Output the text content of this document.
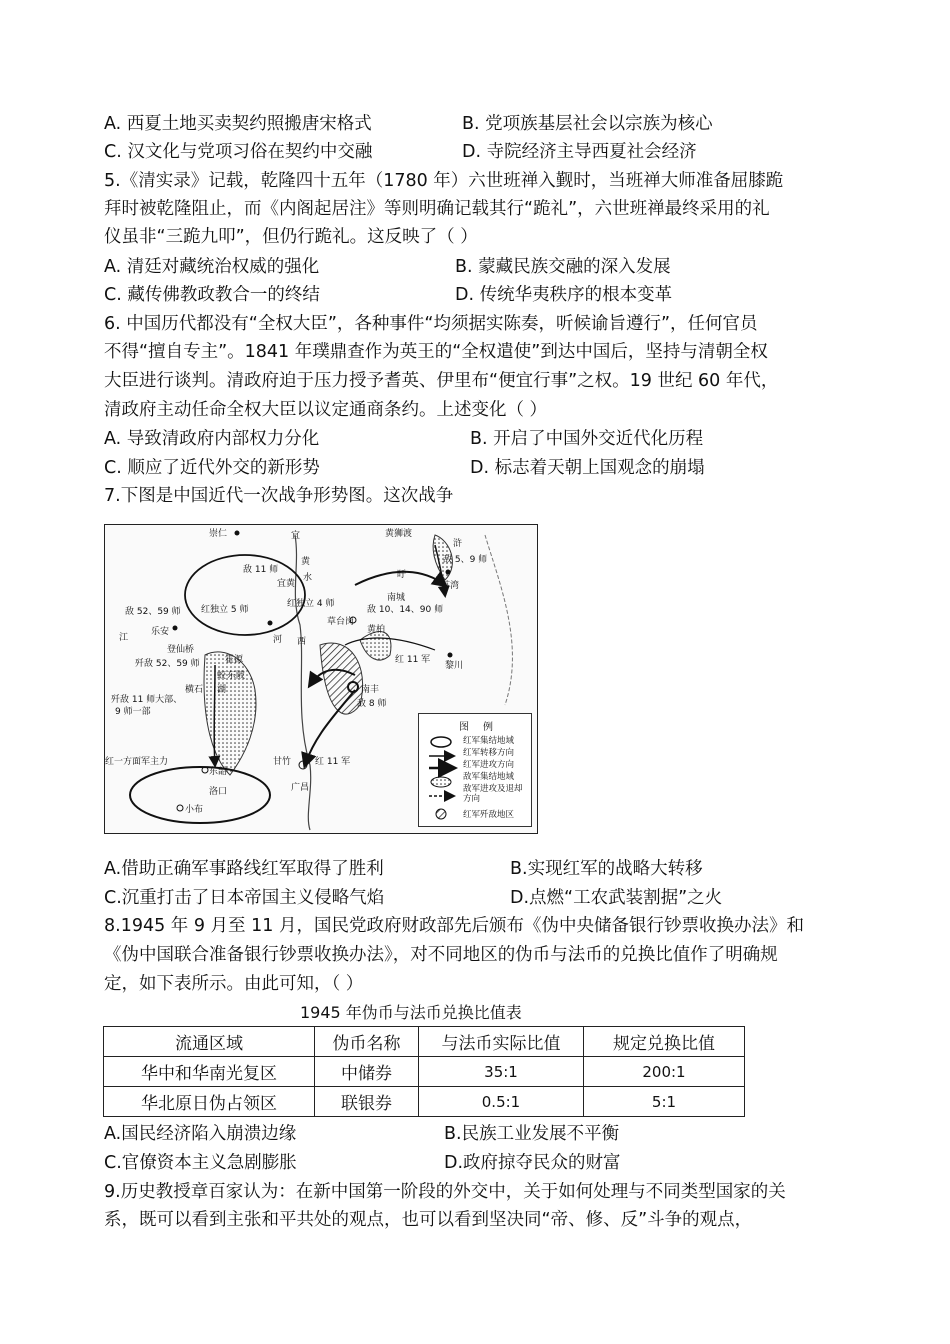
A. 西夏土地买卖契约照搬唐宋格式	B. 党项族基层社会以宗族为核心
C. 汉文化与党项习俗在契约中交融	D. 寺院经济主导西夏社会经济
5.《清实录》记载，乾隆四十五年（1780 年）六世班禅入觐时，当班禅大师准备屈膝跪
拜时被乾隆阻止，而《内阁起居注》等则明确记载其行“跪礼”，六世班禅最终采用的礼
仪虽非“三跪九叩”，但仍行跪礼。这反映了（ ）
A. 清廷对藏统治权威的强化	B. 蒙藏民族交融的深入发展
C. 藏传佛教政教合一的终结	D. 传统华夷秩序的根本变革
6. 中国历代都没有“全权大臣”，各种事件“均须据实陈奏，听候谕旨遵行”，任何官员
不得“擅自专主”。1841 年璞鼎查作为英王的“全权遣使”到达中国后，坚持与清朝全权
大臣进行谈判。清政府迫于压力授予耆英、伊里布“便宜行事”之权。19 世纪 60 年代，
清政府主动任命全权大臣以议定通商条约。上述变化（ ）
A. 导致清政府内部权力分化	B. 开启了中国外交近代化历程
C. 顺应了近代外交的新形势	D. 标志着天朝上国观念的崩塌
7.下图是中国近代一次战争形势图。这次战争
崇仁	宜
黄
水
宜黄
黄狮渡
敌 5、9 师
浒
敌 11 师
红独立 5 师
红独立 4 师
南城
敌 10、14、90 师
盱
苏湾
敌 52、59 师
江
乐安
登仙桥
歼敌 52、59 师
河 西
霍源
蛟 东陂
湖
横石
歼敌 11 师大部、
9 师一部
草台岗
黄柏
红 11 军
黎川
南丰
敌 8 师
红一方面军主力
东韶
洛口
甘竹
广昌
红 11 军
小布
图例
红军集结地域
红军转移方向
红军进攻方向
敌军集结地域
敌军进攻及退却方向
红军歼敌地区
A.借助正确军事路线红军取得了胜利	B.实现红军的战略大转移
C.沉重打击了日本帝国主义侵略气焰	D.点燃“工农武装割据”之火
8.1945 年 9 月至 11 月，国民党政府财政部先后颁布《伪中央储备银行钞票收换办法》和
《伪中国联合准备银行钞票收换办法》，对不同地区的伪币与法币的兑换比值作了明确规
定，如下表所示。由此可知，（ ）
1945 年伪币与法币兑换比值表
流通区域	伪币名称	与法币实际比值	规定兑换比值
华中和华南光复区	中储券	35:1	200:1
华北原日伪占领区	联银券	0.5:1	5:1
A.国民经济陷入崩溃边缘	B.民族工业发展不平衡
C.官僚资本主义急剧膨胀	D.政府掠夺民众的财富
9.历史教授章百家认为：在新中国第一阶段的外交中，关于如何处理与不同类型国家的关
系，既可以看到主张和平共处的观点，也可以看到坚决同“帝、修、反”斗争的观点，
